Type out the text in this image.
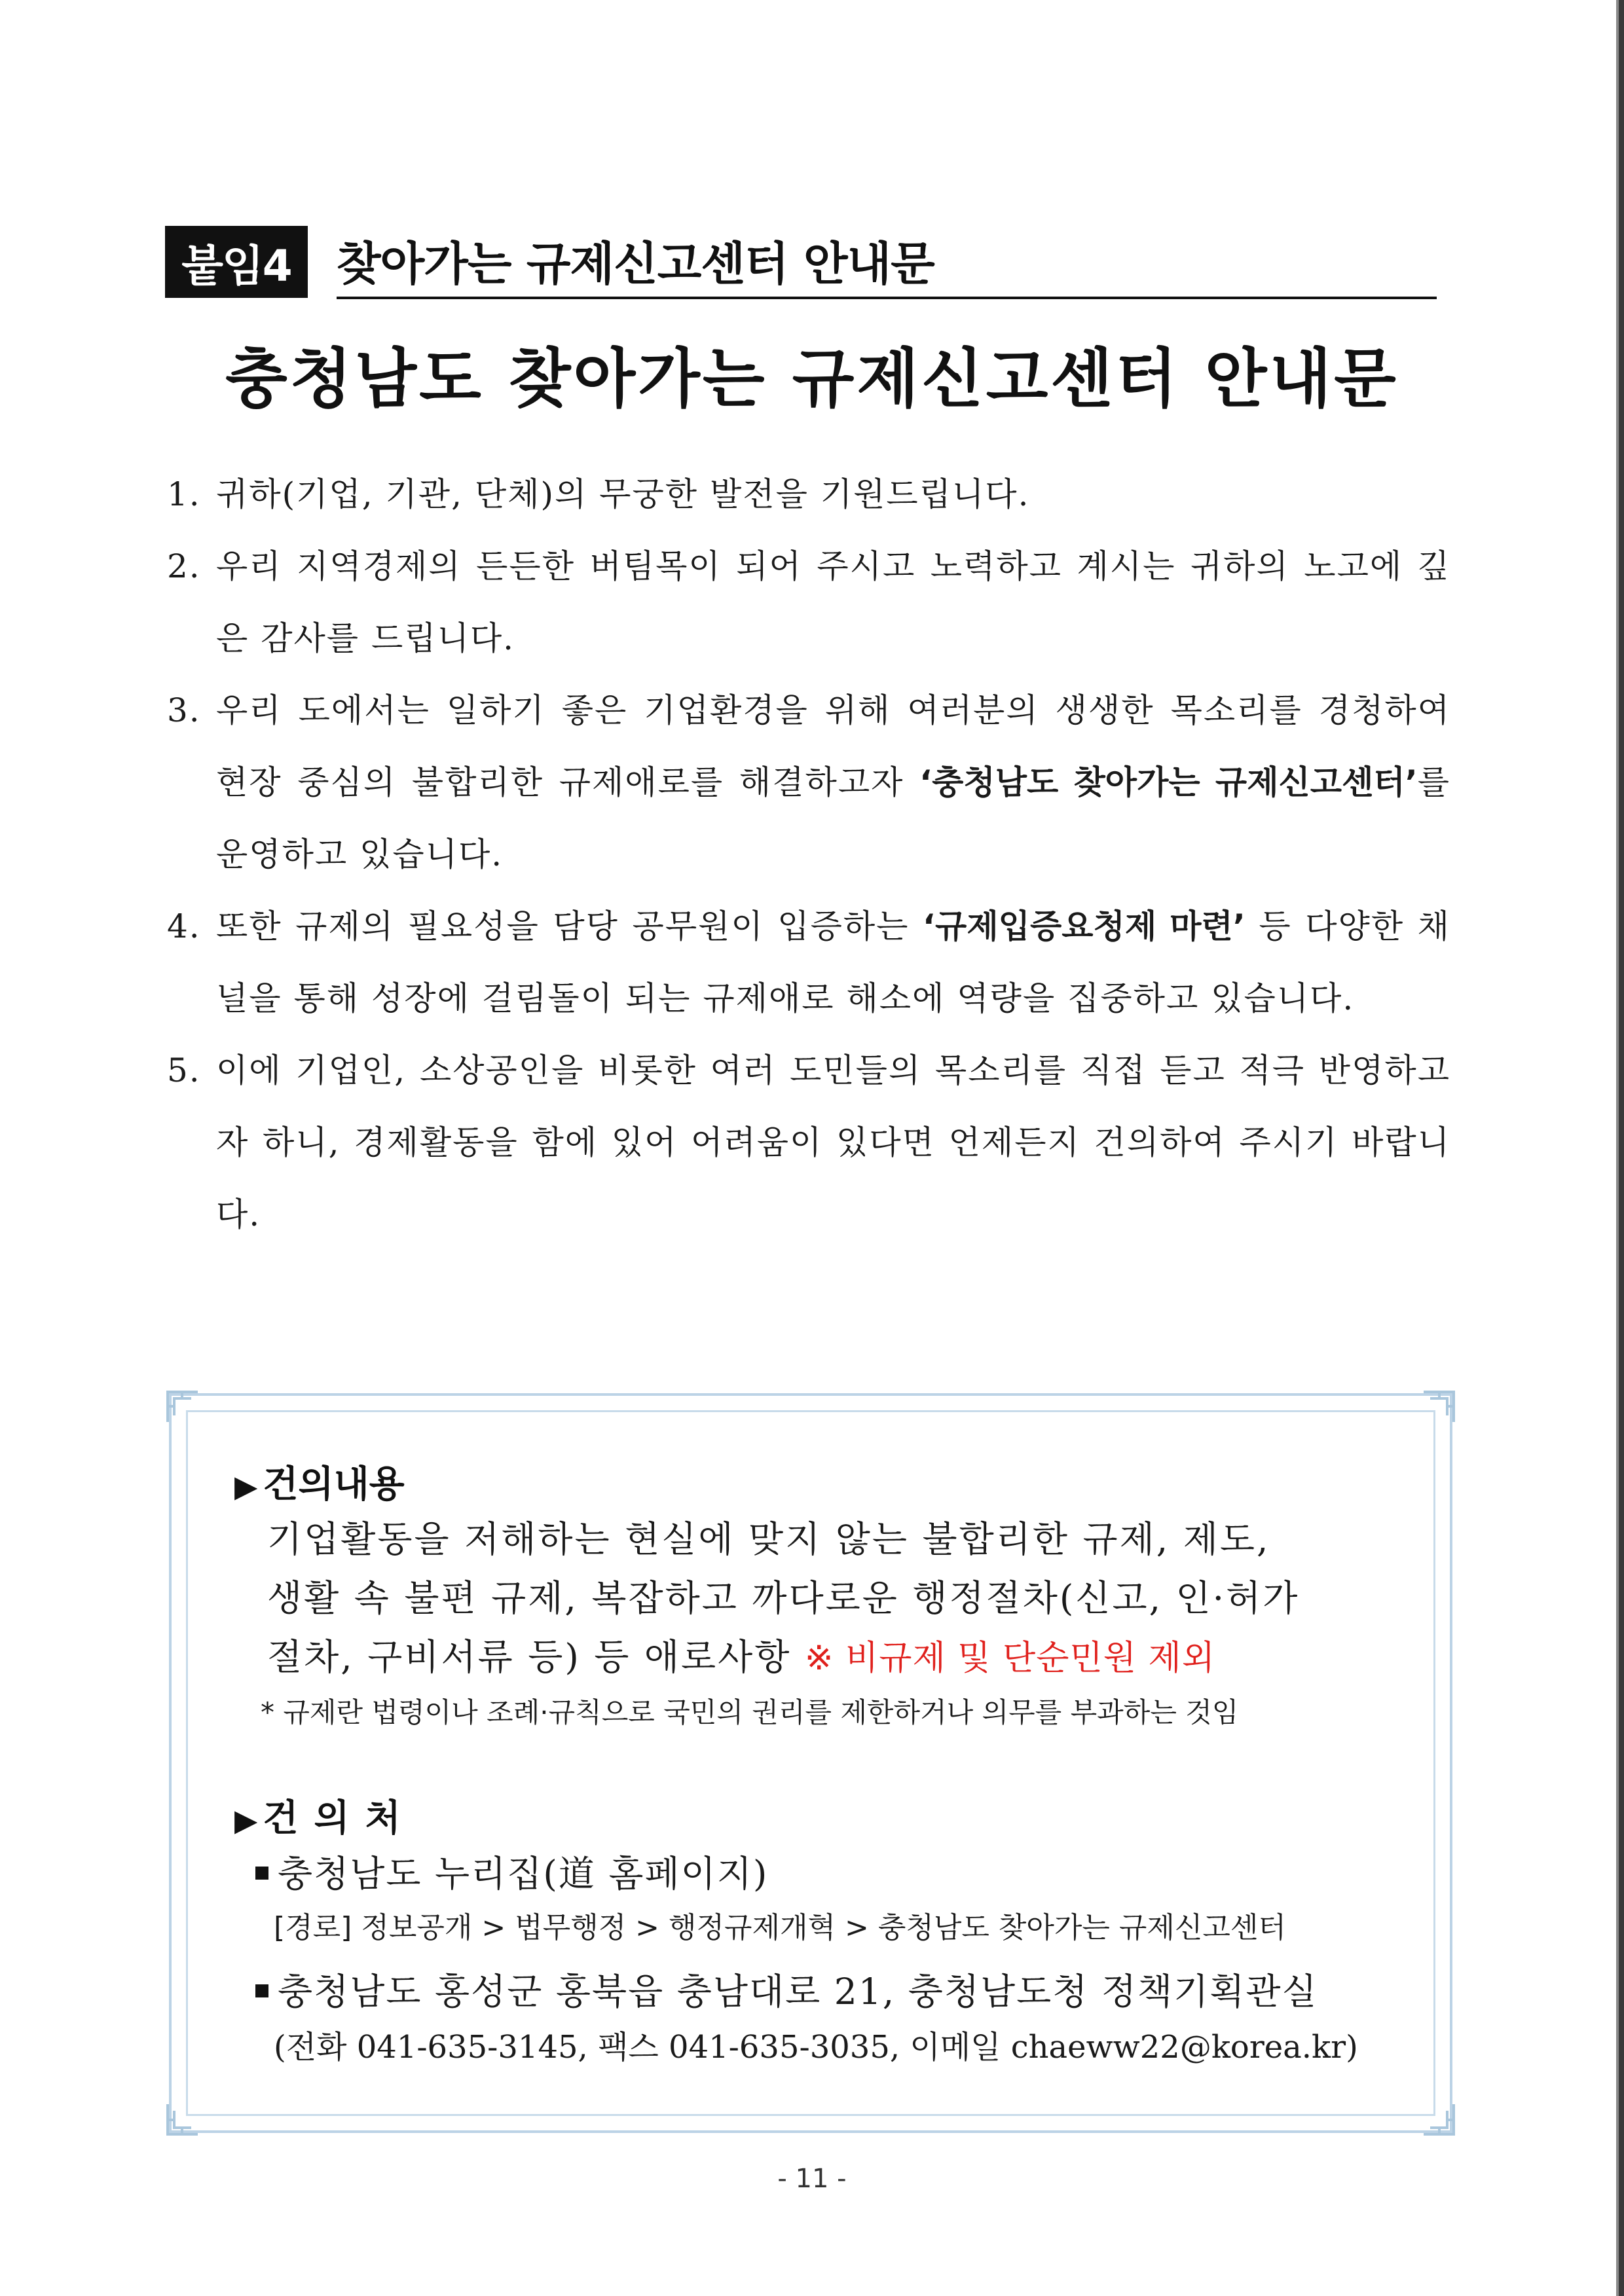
붙임4 찾아가는 규제신고센터 안내문
충청남도 찾아가는 규제신고센터 안내문
1. 귀하(기업, 기관, 단체)의 무궁한 발전을 기원드립니다.
2. 우리 지역경제의 든든한 버팀목이 되어 주시고 노력하고 계시는 귀하의 노고에 깊은 감사를 드립니다.
3. 우리 도에서는 일하기 좋은 기업환경을 위해 여러분의 생생한 목소리를 경청하여 현장 중심의 불합리한 규제애로를 해결하고자 ‘충청남도 찾아가는 규제신고센터’를 운영하고 있습니다.
4. 또한 규제의 필요성을 담당 공무원이 입증하는 ‘규제입증요청제 마련’ 등 다양한 채널을 통해 성장에 걸림돌이 되는 규제애로 해소에 역량을 집중하고 있습니다.
5. 이에 기업인, 소상공인을 비롯한 여러 도민들의 목소리를 직접 듣고 적극 반영하고자 하니, 경제활동을 함에 있어 어려움이 있다면 언제든지 건의하여 주시기 바랍니다.
▶ 건의내용
기업활동을 저해하는 현실에 맞지 않는 불합리한 규제, 제도,
생활 속 불편 규제, 복잡하고 까다로운 행정절차(신고, 인·허가
절차, 구비서류 등) 등 애로사항 ※ 비규제 및 단순민원 제외
* 규제란 법령이나 조례·규칙으로 국민의 권리를 제한하거나 의무를 부과하는 것임
▶ 건의처
충청남도 누리집(道 홈페이지)
[경로] 정보공개 > 법무행정 > 행정규제개혁 > 충청남도 찾아가는 규제신고센터
충청남도 홍성군 홍북읍 충남대로 21, 충청남도청 정책기획관실
(전화 041-635-3145, 팩스 041-635-3035, 이메일 chaeww22@korea.kr)
- 11 -
